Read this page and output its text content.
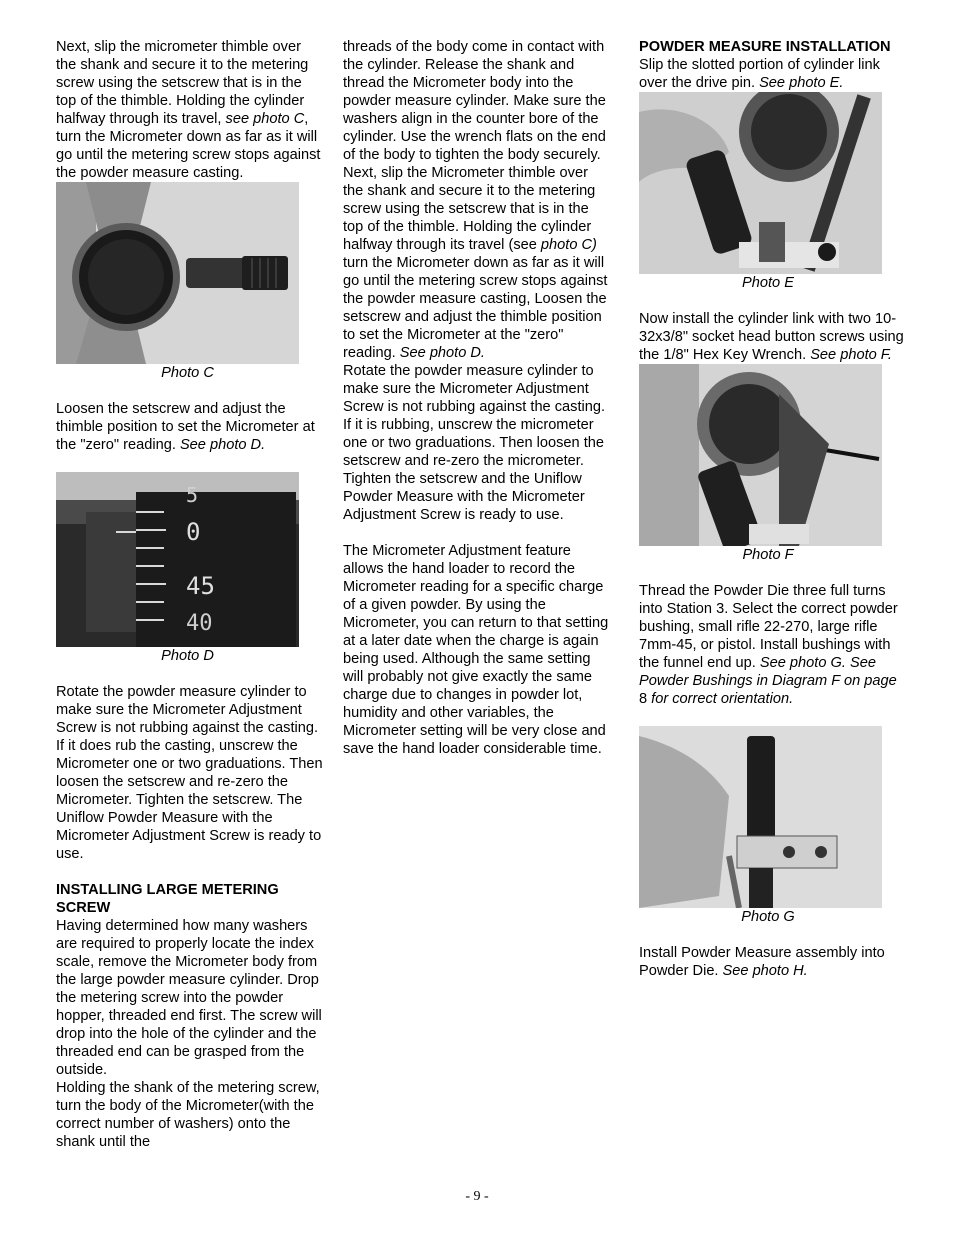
Next, slip the micrometer thimble over the shank and secure it to the metering screw using the setscrew that is in the top of the thimble. Holding the cylinder halfway through its travel, see photo C, turn the Micrometer down as far as it will go until the metering screw stops against the powder measure casting.

Photo C

Loosen the setscrew and adjust the thimble position to set the Micrometer at the "zero" reading. See photo D.

5
0
45
40

Photo D

Rotate the powder measure cylinder to make sure the Micrometer Adjustment Screw is not rubbing against the casting. If it does rub the casting, unscrew the Micrometer one or two graduations. Then loosen the setscrew and re-zero the Micrometer. Tighten the setscrew. The Uniflow Powder Measure with the Micrometer Adjustment Screw is ready to use.

INSTALLING LARGE METERING SCREW

Having determined how many washers are required to properly locate the index scale, remove the Micrometer body from the large powder measure cylinder. Drop the metering screw into the powder hopper, threaded end first. The screw will drop into the hole of the cylinder and the threaded end can be grasped from the outside.

Holding the shank of the metering screw, turn the body of the Micrometer(with the correct number of washers) onto the shank until the

threads of the body come in contact with the cylinder. Release the shank and thread the Micrometer body into the powder measure cylinder. Make sure the washers align in the counter bore of the cylinder. Use the wrench flats on the end of the body to tighten the body securely.

Next, slip the Micrometer thimble over the shank and secure it to the metering screw using the setscrew that is in the top of the thimble. Holding the cylinder halfway through its travel (see photo C) turn the Micrometer down as far as it will go until the metering screw stops against the powder measure casting, Loosen the setscrew and adjust the thimble position to set the Micrometer at the "zero" reading. See photo D.

Rotate the powder measure cylinder to make sure the Micrometer Adjustment Screw is not rubbing against the casting. If it is rubbing, unscrew the micrometer one or two graduations. Then loosen the setscrew and re-zero the micrometer. Tighten the setscrew and the Uniflow Powder Measure with the Micrometer Adjustment Screw is ready to use.

The Micrometer Adjustment feature allows the hand loader to record the Micrometer reading for a specific charge of a given powder. By using the Micrometer, you can return to that setting at a later date when the charge is again being used. Although the same setting will probably not give exactly the same charge due to changes in powder lot, humidity and other variables, the Micrometer setting will be very close and save the hand loader considerable time.

POWDER MEASURE INSTALLATION

Slip the slotted portion of cylinder link over the drive pin. See photo E.

Photo E

Now install the cylinder link with two 10-32x3/8" socket head button screws using the 1/8" Hex Key Wrench. See photo F.

Photo F

Thread the Powder Die three full turns into Station 3. Select the correct powder bushing, small rifle 22-270, large rifle 7mm-45, or pistol. Install bushings with the funnel end up. See photo G. See Powder Bushings in Diagram F on page 8 for correct orientation.

Photo G

Install Powder Measure assembly into Powder Die. See photo H.

- 9 -
